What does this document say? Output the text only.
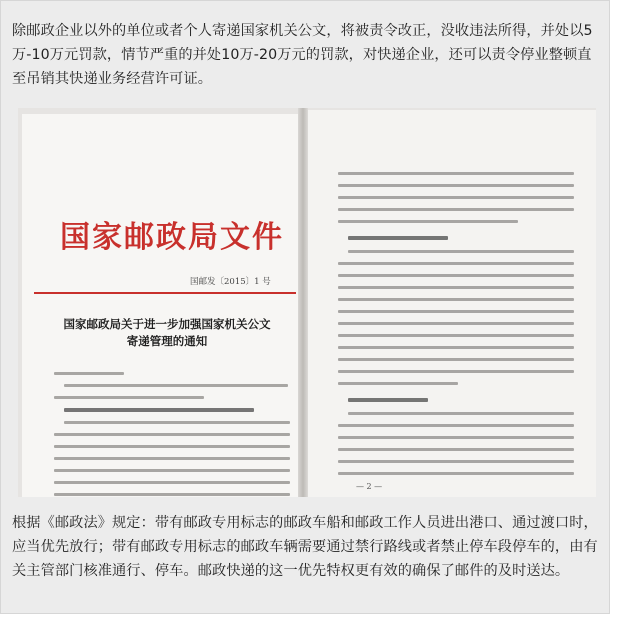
除邮政企业以外的单位或者个人寄递国家机关公文，将被责令改正，没收违法所得，并处以5万-10万元罚款，情节严重的并处10万-20万元的罚款，对快递企业，还可以责令停业整顿直至吊销其快递业务经营许可证。
国家邮政局文件
国邮发〔2015〕1 号
国家邮政局关于进一步加强国家机关公文
寄递管理的通知
— 2 —
根据《邮政法》规定：带有邮政专用标志的邮政车船和邮政工作人员进出港口、通过渡口时，应当优先放行；带有邮政专用标志的邮政车辆需要通过禁行路线或者禁止停车段停车的，由有关主管部门核准通行、停车。邮政快递的这一优先特权更有效的确保了邮件的及时送达。
